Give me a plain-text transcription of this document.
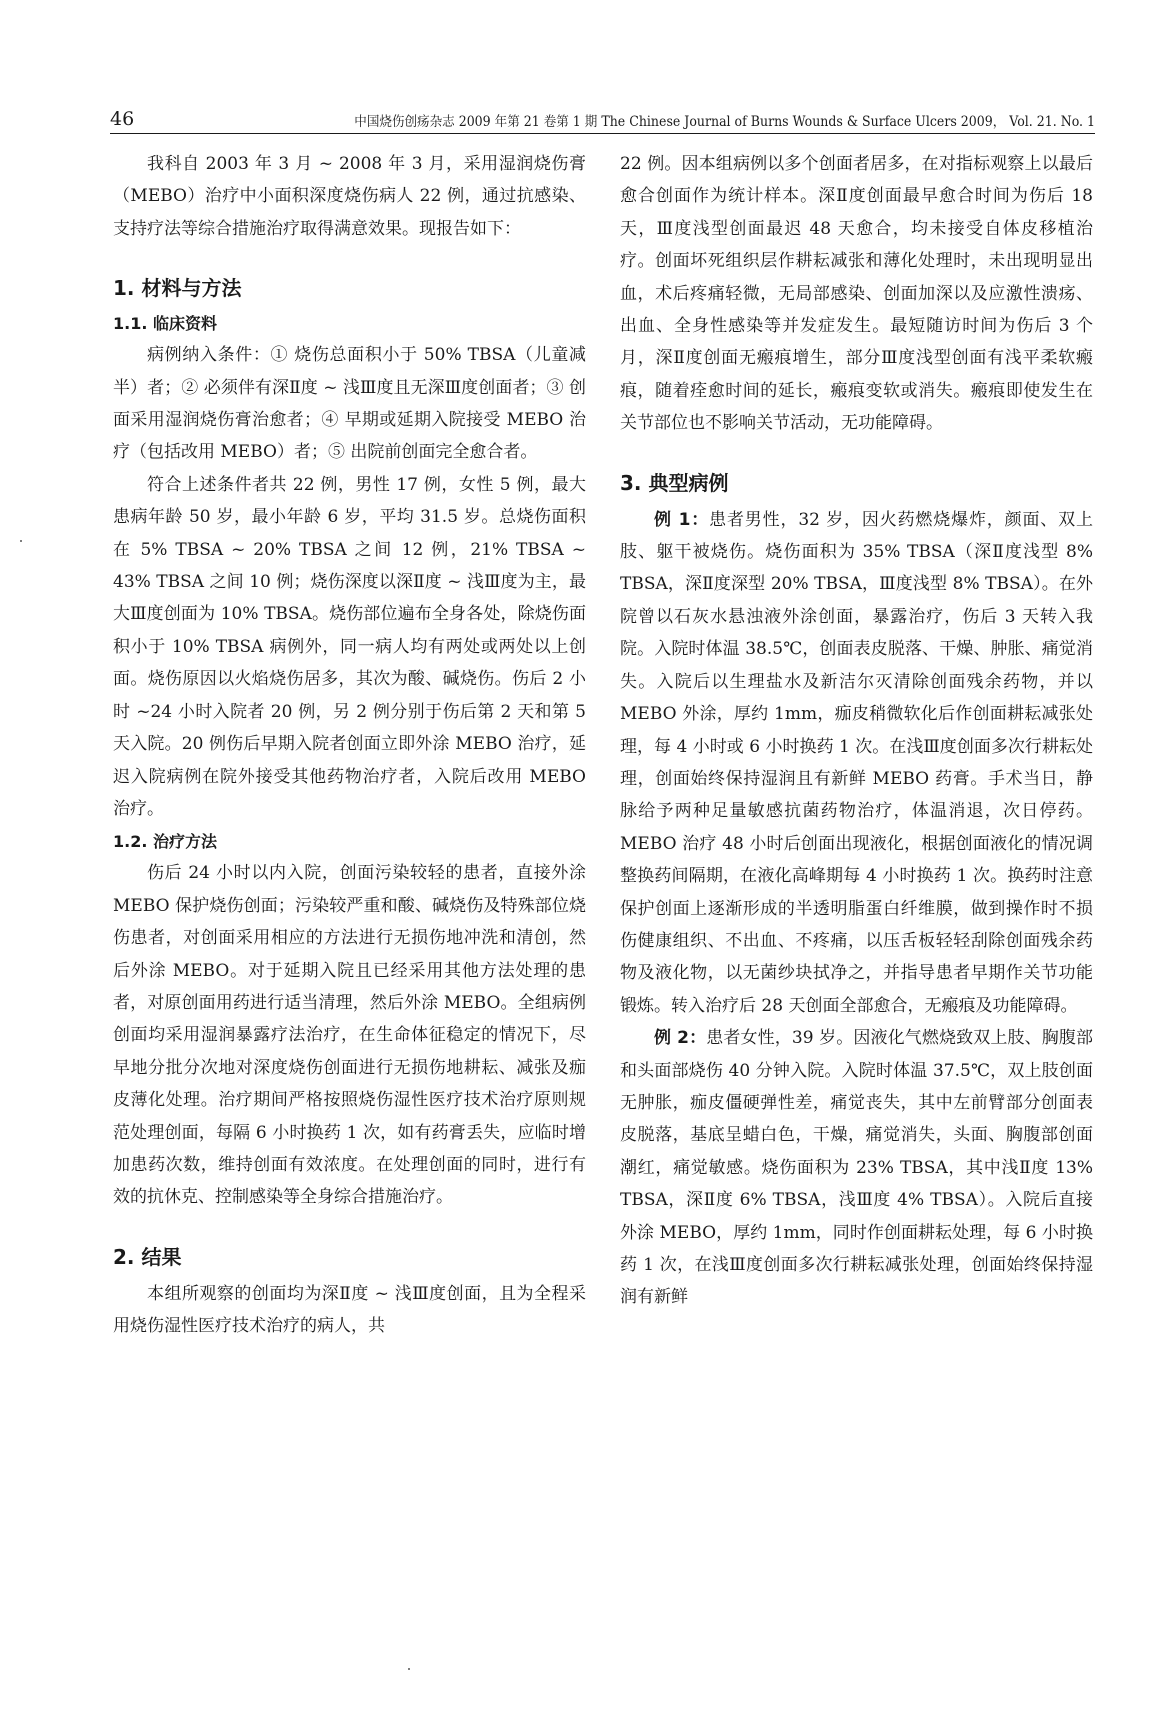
46	中国烧伤创疡杂志 2009 年第 21 卷第 1 期 The Chinese Journal of Burns Wounds & Surface Ulcers 2009， Vol. 21. No. 1

我科自 2003 年 3 月 ~ 2008 年 3 月，采用湿润烧伤膏（MEBO）治疗中小面积深度烧伤病人 22 例，通过抗感染、支持疗法等综合措施治疗取得满意效果。现报告如下：

1. 材料与方法
1.1. 临床资料

病例纳入条件：① 烧伤总面积小于 50% TBSA（儿童减半）者；② 必须伴有深Ⅱ度 ~ 浅Ⅲ度且无深Ⅲ度创面者；③ 创面采用湿润烧伤膏治愈者；④ 早期或延期入院接受 MEBO 治疗（包括改用 MEBO）者；⑤ 出院前创面完全愈合者。

符合上述条件者共 22 例，男性 17 例，女性 5 例，最大患病年龄 50 岁，最小年龄 6 岁，平均 31.5 岁。总烧伤面积在 5% TBSA ~ 20% TBSA 之间 12 例，21% TBSA ~ 43% TBSA 之间 10 例；烧伤深度以深Ⅱ度 ~ 浅Ⅲ度为主，最大Ⅲ度创面为 10% TBSA。烧伤部位遍布全身各处，除烧伤面积小于 10% TBSA 病例外，同一病人均有两处或两处以上创面。烧伤原因以火焰烧伤居多，其次为酸、碱烧伤。伤后 2 小时 ~24 小时入院者 20 例，另 2 例分别于伤后第 2 天和第 5 天入院。20 例伤后早期入院者创面立即外涂 MEBO 治疗，延迟入院病例在院外接受其他药物治疗者，入院后改用 MEBO 治疗。

1.2. 治疗方法

伤后 24 小时以内入院，创面污染较轻的患者，直接外涂 MEBO 保护烧伤创面；污染较严重和酸、碱烧伤及特殊部位烧伤患者，对创面采用相应的方法进行无损伤地冲洗和清创，然后外涂 MEBO。对于延期入院且已经采用其他方法处理的患者，对原创面用药进行适当清理，然后外涂 MEBO。全组病例创面均采用湿润暴露疗法治疗，在生命体征稳定的情况下，尽早地分批分次地对深度烧伤创面进行无损伤地耕耘、减张及痂皮薄化处理。治疗期间严格按照烧伤湿性医疗技术治疗原则规范处理创面，每隔 6 小时换药 1 次，如有药膏丢失，应临时增加患药次数，维持创面有效浓度。在处理创面的同时，进行有效的抗休克、控制感染等全身综合措施治疗。

2. 结果

本组所观察的创面均为深Ⅱ度 ~ 浅Ⅲ度创面，且为全程采用烧伤湿性医疗技术治疗的病人，共

22 例。因本组病例以多个创面者居多，在对指标观察上以最后愈合创面作为统计样本。深Ⅱ度创面最早愈合时间为伤后 18 天，Ⅲ度浅型创面最迟 48 天愈合，均未接受自体皮移植治疗。创面坏死组织层作耕耘减张和薄化处理时，未出现明显出血，术后疼痛轻微，无局部感染、创面加深以及应激性溃疡、出血、全身性感染等并发症发生。最短随访时间为伤后 3 个月，深Ⅱ度创面无瘢痕增生，部分Ⅲ度浅型创面有浅平柔软瘢痕，随着痊愈时间的延长，瘢痕变软或消失。瘢痕即使发生在关节部位也不影响关节活动，无功能障碍。

3. 典型病例

例 1：患者男性，32 岁，因火药燃烧爆炸，颜面、双上肢、躯干被烧伤。烧伤面积为 35% TBSA（深Ⅱ度浅型 8% TBSA，深Ⅱ度深型 20% TBSA，Ⅲ度浅型 8% TBSA）。在外院曾以石灰水悬浊液外涂创面，暴露治疗，伤后 3 天转入我院。入院时体温 38.5℃，创面表皮脱落、干燥、肿胀、痛觉消失。入院后以生理盐水及新洁尔灭清除创面残余药物，并以 MEBO 外涂，厚约 1mm，痂皮稍微软化后作创面耕耘减张处理，每 4 小时或 6 小时换药 1 次。在浅Ⅲ度创面多次行耕耘处理，创面始终保持湿润且有新鲜 MEBO 药膏。手术当日，静脉给予两种足量敏感抗菌药物治疗，体温消退，次日停药。MEBO 治疗 48 小时后创面出现液化，根据创面液化的情况调整换药间隔期，在液化高峰期每 4 小时换药 1 次。换药时注意保护创面上逐渐形成的半透明脂蛋白纤维膜，做到操作时不损伤健康组织、不出血、不疼痛，以压舌板轻轻刮除创面残余药物及液化物，以无菌纱块拭净之，并指导患者早期作关节功能锻炼。转入治疗后 28 天创面全部愈合，无瘢痕及功能障碍。

例 2：患者女性，39 岁。因液化气燃烧致双上肢、胸腹部和头面部烧伤 40 分钟入院。入院时体温 37.5℃，双上肢创面无肿胀，痂皮僵硬弹性差，痛觉丧失，其中左前臂部分创面表皮脱落，基底呈蜡白色，干燥，痛觉消失，头面、胸腹部创面潮红，痛觉敏感。烧伤面积为 23% TBSA，其中浅Ⅱ度 13% TBSA，深Ⅱ度 6% TBSA，浅Ⅲ度 4% TBSA）。入院后直接外涂 MEBO，厚约 1mm，同时作创面耕耘处理，每 6 小时换药 1 次，在浅Ⅲ度创面多次行耕耘减张处理，创面始终保持湿润有新鲜
